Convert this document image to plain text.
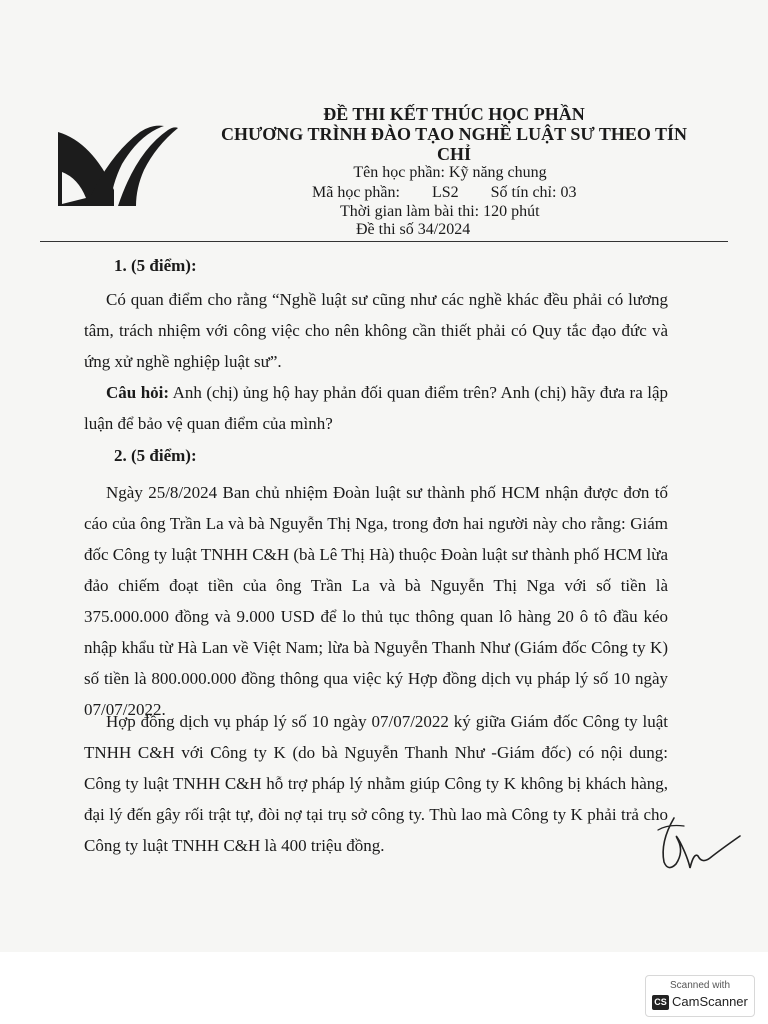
ĐỀ THI KẾT THÚC HỌC PHẦN
CHƯƠNG TRÌNH ĐÀO TẠO NGHỀ LUẬT SƯ THEO TÍN
CHỈ
Tên học phần: Kỹ năng chung
Mã học phần: LS2 Số tín chỉ: 03
Thời gian làm bài thi: 120 phút
Đề thi số 34/2024
1. (5 điểm):
Có quan điểm cho rằng “Nghề luật sư cũng như các nghề khác đều phải có lương tâm, trách nhiệm với công việc cho nên không cần thiết phải có Quy tắc đạo đức và ứng xử nghề nghiệp luật sư”.
Câu hỏi: Anh (chị) ủng hộ hay phản đối quan điểm trên? Anh (chị) hãy đưa ra lập luận để bảo vệ quan điểm của mình?
2. (5 điểm):
Ngày 25/8/2024 Ban chủ nhiệm Đoàn luật sư thành phố HCM nhận được đơn tố cáo của ông Trần La và bà Nguyễn Thị Nga, trong đơn hai người này cho rằng: Giám đốc Công ty luật TNHH C&H (bà Lê Thị Hà) thuộc Đoàn luật sư thành phố HCM lừa đảo chiếm đoạt tiền của ông Trần La và bà Nguyễn Thị Nga với số tiền là 375.000.000 đồng và 9.000 USD để lo thủ tục thông quan lô hàng 20 ô tô đầu kéo nhập khẩu từ Hà Lan về Việt Nam; lừa bà Nguyễn Thanh Như (Giám đốc Công ty K) số tiền là 800.000.000 đồng thông qua việc ký Hợp đồng dịch vụ pháp lý số 10 ngày 07/07/2022.
Hợp đồng dịch vụ pháp lý số 10 ngày 07/07/2022 ký giữa Giám đốc Công ty luật TNHH C&H với Công ty K (do bà Nguyễn Thanh Như -Giám đốc) có nội dung: Công ty luật TNHH C&H hỗ trợ pháp lý nhằm giúp Công ty K không bị khách hàng, đại lý đến gây rối trật tự, đòi nợ tại trụ sở công ty. Thù lao mà Công ty K phải trả cho Công ty luật TNHH C&H là 400 triệu đồng.
Scanned with
CS CamScanner
